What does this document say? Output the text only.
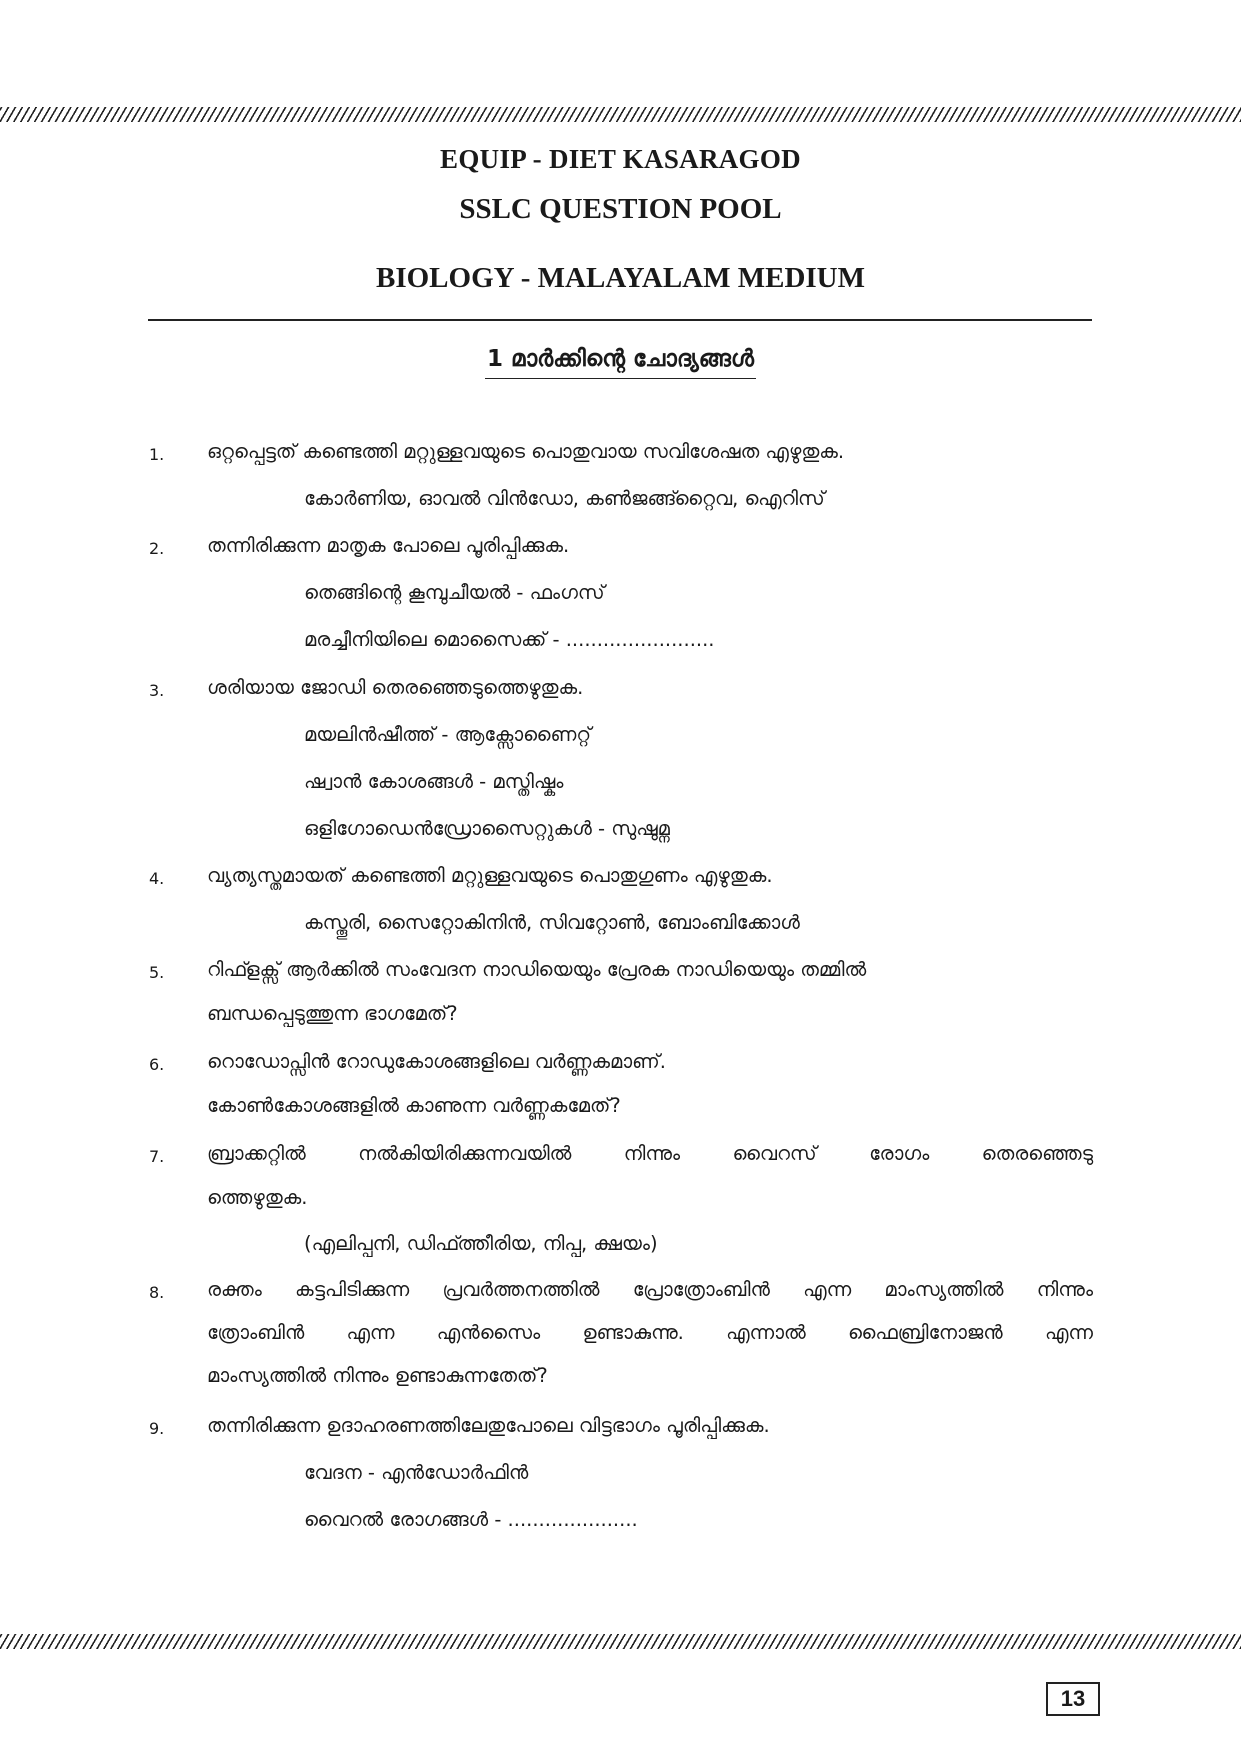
EQUIP - DIET KASARAGOD
SSLC QUESTION POOL
BIOLOGY - MALAYALAM MEDIUM
1 മാർക്കിന്റെ ചോദ്യങ്ങൾ
1. ഒറ്റപ്പെട്ടത് കണ്ടെത്തി മറ്റുള്ളവയുടെ പൊതുവായ സവിശേഷത എഴുതുക.
കോർണിയ, ഓവൽ വിൻഡോ, കൺജങ്ങ്റ്റൈവ, ഐറിസ്
2. തന്നിരിക്കുന്ന മാതൃക പോലെ പൂരിപ്പിക്കുക.
തെങ്ങിന്റെ കൂമ്പുചീയൽ - ഫംഗസ്
മരച്ചീനിയിലെ മൊസൈക്ക് - ........................
3. ശരിയായ ജോഡി തെരഞ്ഞെടുത്തെഴുതുക.
മയലിൻഷീത്ത് - ആക്സോണൈറ്റ്
ഷ്വാൻ കോശങ്ങൾ - മസ്തിഷ്കം
ഒളിഗോഡെൻഡ്രോസൈറ്റുകൾ - സുഷുമ്ന
4. വ്യത്യസ്തമായത് കണ്ടെത്തി മറ്റുള്ളവയുടെ പൊതുഗുണം എഴുതുക.
കസ്തൂരി, സൈറ്റോകിനിൻ, സിവറ്റോൺ, ബോംബിക്കോൾ
5. റിഫ്ളക്സ് ആർക്കിൽ സംവേദന നാഡിയെയും പ്രേരക നാഡിയെയും തമ്മിൽ
ബന്ധപ്പെടുത്തുന്ന ഭാഗമേത്?
6. റൊഡോപ്സിൻ റോഡുകോശങ്ങളിലെ വർണ്ണകമാണ്.
കോൺകോശങ്ങളിൽ കാണുന്ന വർണ്ണകമേത്?
7. ബ്രാക്കറ്റിൽ നൽകിയിരിക്കുന്നവയിൽ നിന്നും വൈറസ് രോഗം തെരഞ്ഞെടു
ത്തെഴുതുക.
(എലിപ്പനി, ഡിഫ്ത്തീരിയ, നിപ്പ, ക്ഷയം)
8. രക്തം കട്ടപിടിക്കുന്ന പ്രവർത്തനത്തിൽ പ്രോത്രോംബിൻ എന്ന മാംസ്യത്തിൽ നിന്നും
ത്രോംബിൻ എന്ന എൻസൈം ഉണ്ടാകുന്നു. എന്നാൽ ഫൈബ്രിനോജൻ എന്ന
മാംസ്യത്തിൽ നിന്നും ഉണ്ടാകുന്നതേത്?
9. തന്നിരിക്കുന്ന ഉദാഹരണത്തിലേതുപോലെ വിട്ടഭാഗം പൂരിപ്പിക്കുക.
വേദന - എൻഡോർഫിൻ
വൈറൽ രോഗങ്ങൾ - .....................
13
